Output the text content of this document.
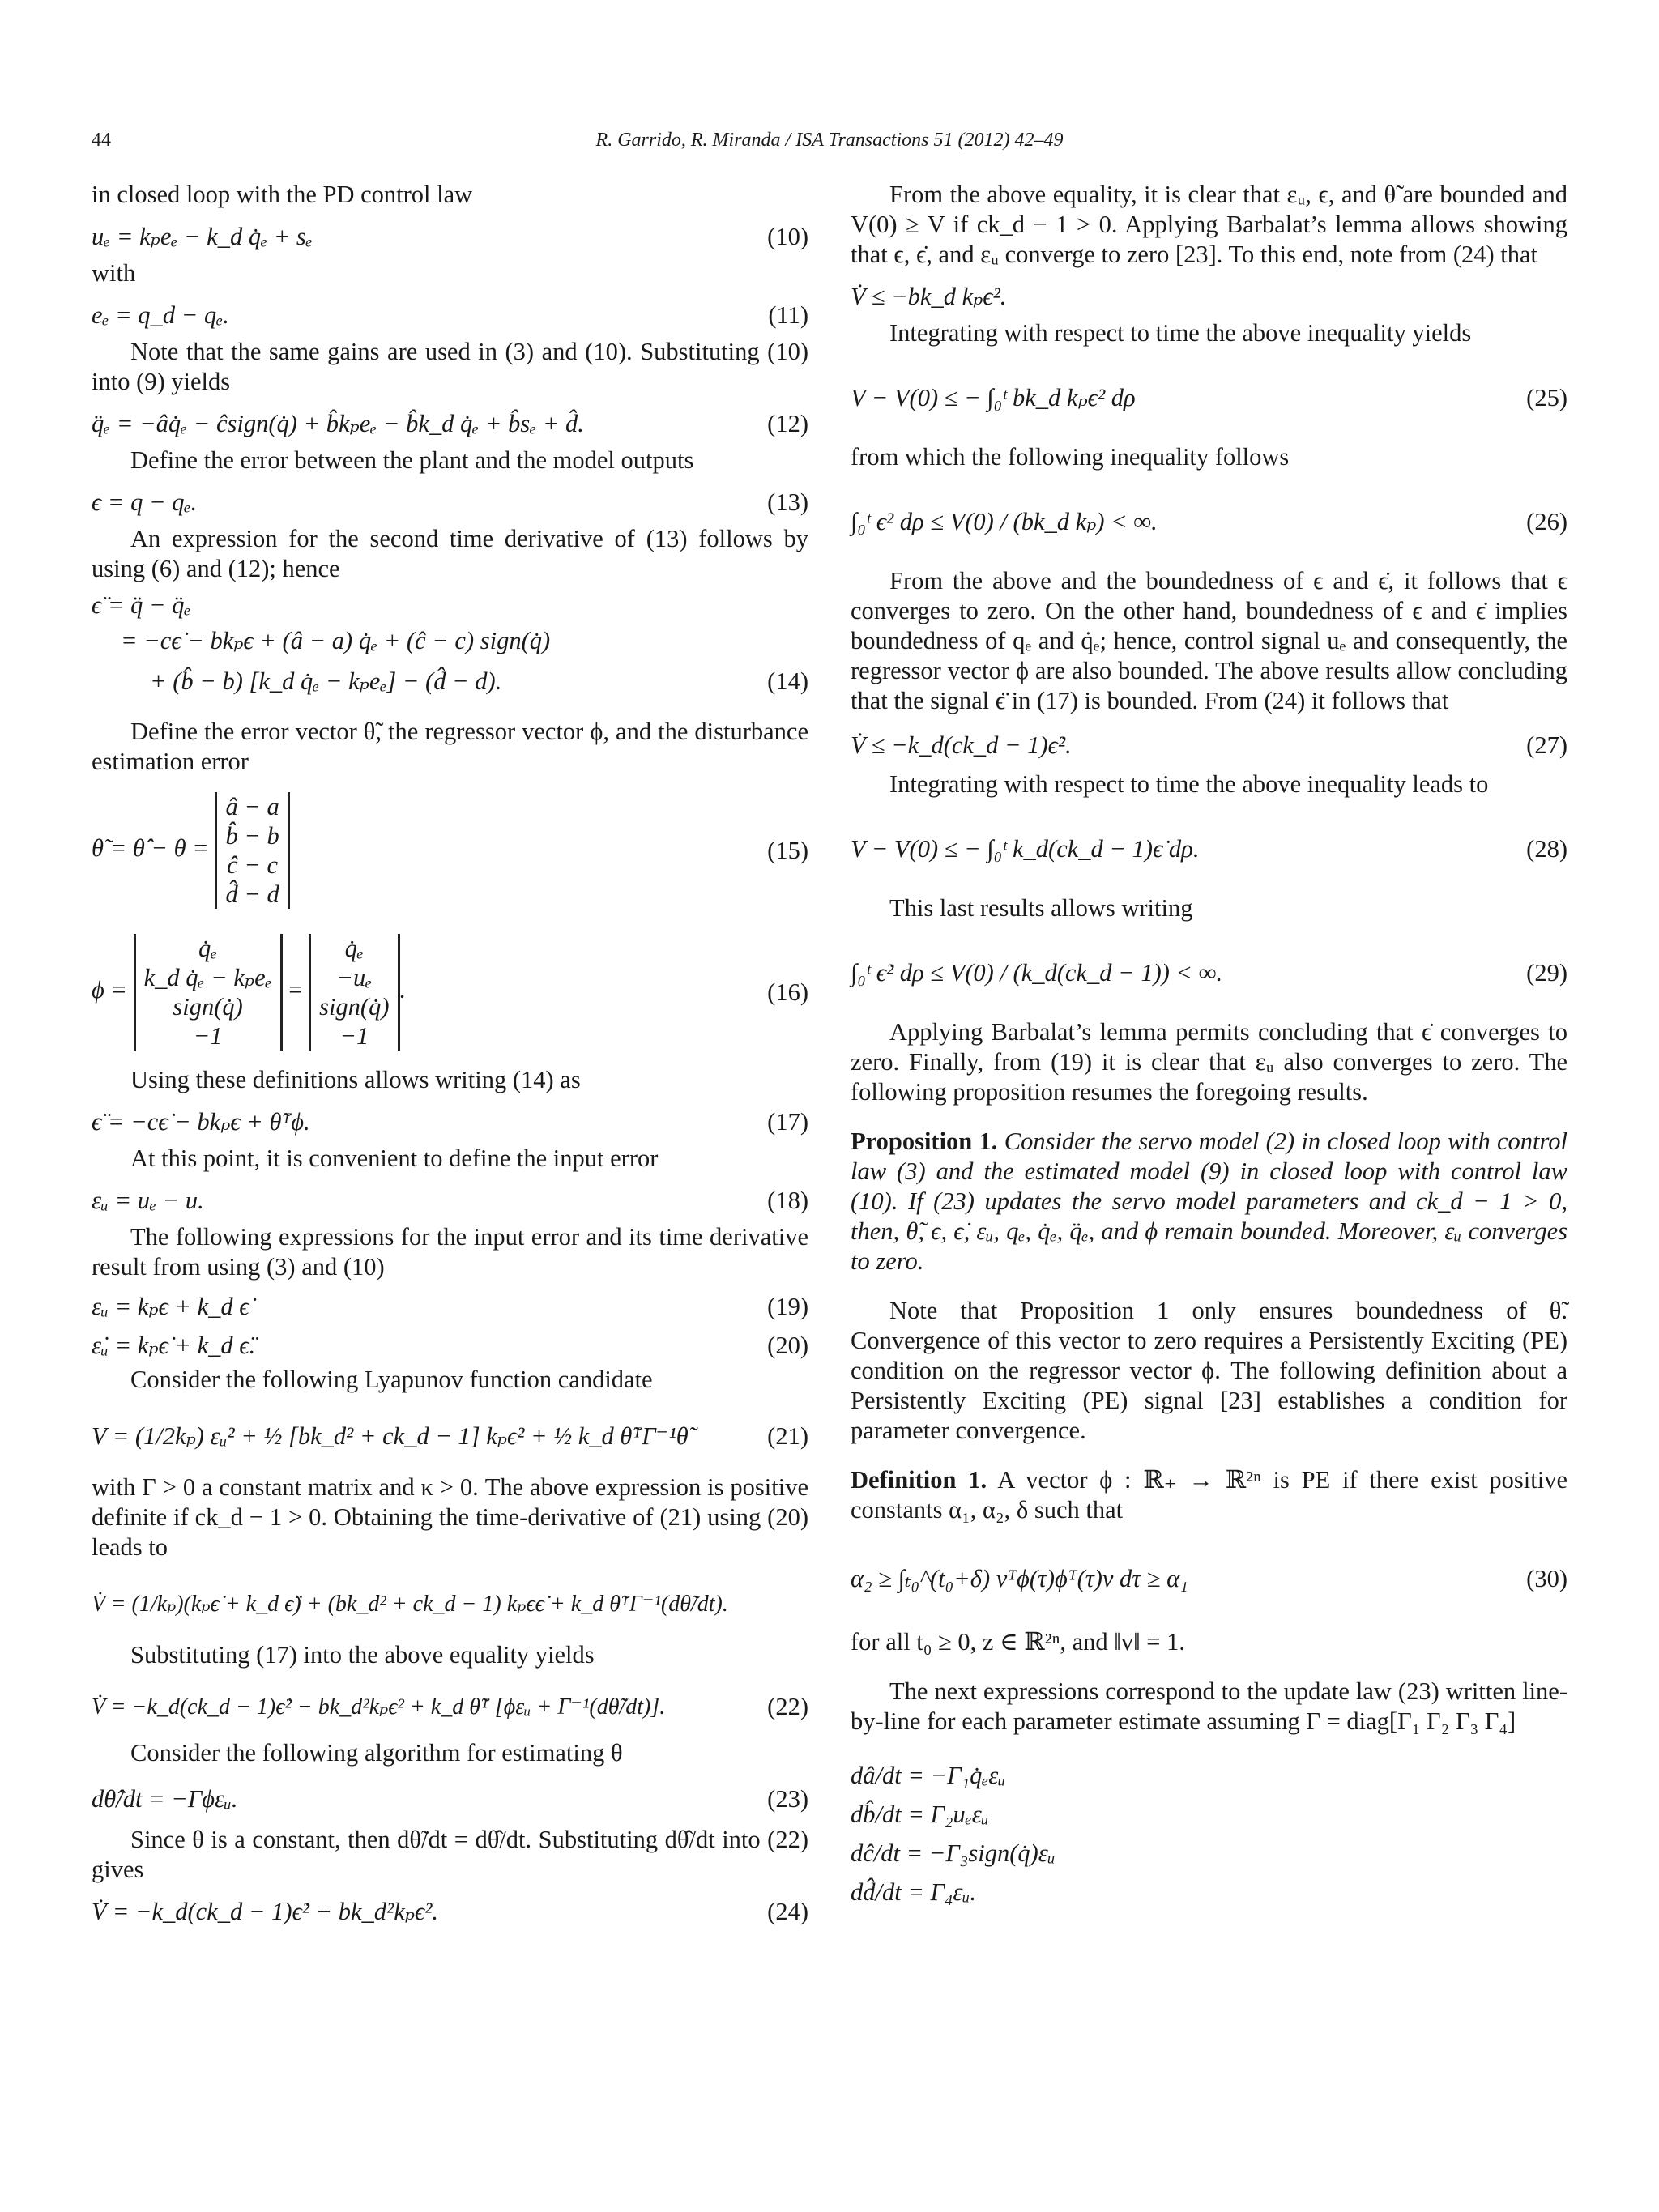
44	R. Garrido, R. Miranda / ISA Transactions 51 (2012) 42–49

in closed loop with the PD control law

uₑ = kₚeₑ − k_d q̇ₑ + sₑ	(10)

with

eₑ = q_d − qₑ.	(11)

Note that the same gains are used in (3) and (10). Substituting (10) into (9) yields

q̈ₑ = −âq̇ₑ − ĉsign(q̇) + b̂kₚeₑ − b̂k_d q̇ₑ + b̂sₑ + d̂.	(12)

Define the error between the plant and the model outputs

ϵ = q − qₑ.	(13)

An expression for the second time derivative of (13) follows by using (6) and (12); hence

ϵ̈ = q̈ − q̈ₑ
= −cϵ̇ − bkₚϵ + (â − a) q̇ₑ + (ĉ − c) sign(q̇)
+ (b̂ − b) [k_d q̇ₑ − kₚeₑ] − (d̂ − d).	(14)

Define the error vector θ̃, the regressor vector ϕ, and the disturbance estimation error

θ̃ = θ̂ − θ =
â − a
b̂ − b
ĉ − c
d̂ − d
(15)
ϕ =
q̇ₑ
k_d q̇ₑ − kₚeₑ
sign(q̇)
−1
=
q̇ₑ
−uₑ
sign(q̇)
−1
.	(16)

Using these definitions allows writing (14) as

ϵ̈ = −cϵ̇ − bkₚϵ + θ̃ᵀϕ.	(17)

At this point, it is convenient to define the input error

εᵤ = uₑ − u.	(18)

The following expressions for the input error and its time derivative result from using (3) and (10)

εᵤ = kₚϵ + k_d ϵ̇	(19)
ε̇ᵤ = kₚϵ̇ + k_d ϵ̈.	(20)

Consider the following Lyapunov function candidate

V = (1/2kₚ) εᵤ² + ½ [bk_d² + ck_d − 1] kₚϵ² + ½ k_d θ̃ᵀΓ⁻¹θ̃	(21)

with Γ > 0 a constant matrix and κ > 0. The above expression is positive definite if ck_d − 1 > 0. Obtaining the time-derivative of (21) using (20) leads to

V̇ = (1/kₚ)(kₚϵ̇ + k_d ϵ̈) + (bk_d² + ck_d − 1) kₚϵϵ̇ + k_d θ̃ᵀΓ⁻¹(dθ̃/dt).

Substituting (17) into the above equality yields

V̇ = −k_d(ck_d − 1)ϵ̇² − bk_d²kₚϵ² + k_d θ̃ᵀ [ϕεᵤ + Γ⁻¹(dθ̃/dt)].	(22)

Consider the following algorithm for estimating θ

dθ̂/dt = −Γϕεᵤ.	(23)

Since θ is a constant, then dθ̃/dt = dθ̂/dt. Substituting dθ̂/dt into (22) gives

V̇ = −k_d(ck_d − 1)ϵ̇² − bk_d²kₚϵ².	(24)

From the above equality, it is clear that εᵤ, ϵ, and θ̃ are bounded and V(0) ≥ V if ck_d − 1 > 0. Applying Barbalat’s lemma allows showing that ϵ, ϵ̇, and εᵤ converge to zero [23]. To this end, note from (24) that

V̇ ≤ −bk_d kₚϵ².

Integrating with respect to time the above inequality yields

V − V(0) ≤ − ∫₀ᵗ bk_d kₚϵ² dρ	(25)

from which the following inequality follows

∫₀ᵗ ϵ² dρ ≤ V(0) / (bk_d kₚ) < ∞.	(26)

From the above and the boundedness of ϵ and ϵ̇, it follows that ϵ converges to zero. On the other hand, boundedness of ϵ and ϵ̇ implies boundedness of qₑ and q̇ₑ; hence, control signal uₑ and consequently, the regressor vector ϕ are also bounded. The above results allow concluding that the signal ϵ̈ in (17) is bounded. From (24) it follows that

V̇ ≤ −k_d(ck_d − 1)ϵ̇².	(27)

Integrating with respect to time the above inequality leads to

V − V(0) ≤ − ∫₀ᵗ k_d(ck_d − 1)ϵ̇ dρ.	(28)

This last results allows writing

∫₀ᵗ ϵ̇² dρ ≤ V(0) / (k_d(ck_d − 1)) < ∞.	(29)

Applying Barbalat’s lemma permits concluding that ϵ̇ converges to zero. Finally, from (19) it is clear that εᵤ also converges to zero. The following proposition resumes the foregoing results.

Proposition 1. Consider the servo model (2) in closed loop with control law (3) and the estimated model (9) in closed loop with control law (10). If (23) updates the servo model parameters and ck_d − 1 > 0, then, θ̃, ϵ, ϵ̇, εᵤ, qₑ, q̇ₑ, q̈ₑ, and ϕ remain bounded. Moreover, εᵤ converges to zero.

Note that Proposition 1 only ensures boundedness of θ̃. Convergence of this vector to zero requires a Persistently Exciting (PE) condition on the regressor vector ϕ. The following definition about a Persistently Exciting (PE) signal [23] establishes a condition for parameter convergence.

Definition 1. A vector ϕ : ℝ₊ → ℝ²ⁿ is PE if there exist positive constants α₁, α₂, δ such that

α₂ ≥ ∫ₜ₀^(t₀+δ) vᵀϕ(τ)ϕᵀ(τ)v dτ ≥ α₁	(30)

for all t₀ ≥ 0, z ∈ ℝ²ⁿ, and ‖v‖ = 1.

The next expressions correspond to the update law (23) written line-by-line for each parameter estimate assuming Γ = diag[Γ₁ Γ₂ Γ₃ Γ₄]

dâ/dt = −Γ₁q̇ₑεᵤ
db̂/dt = Γ₂uₑεᵤ
dĉ/dt = −Γ₃sign(q̇)εᵤ
dd̂/dt = Γ₄εᵤ.
